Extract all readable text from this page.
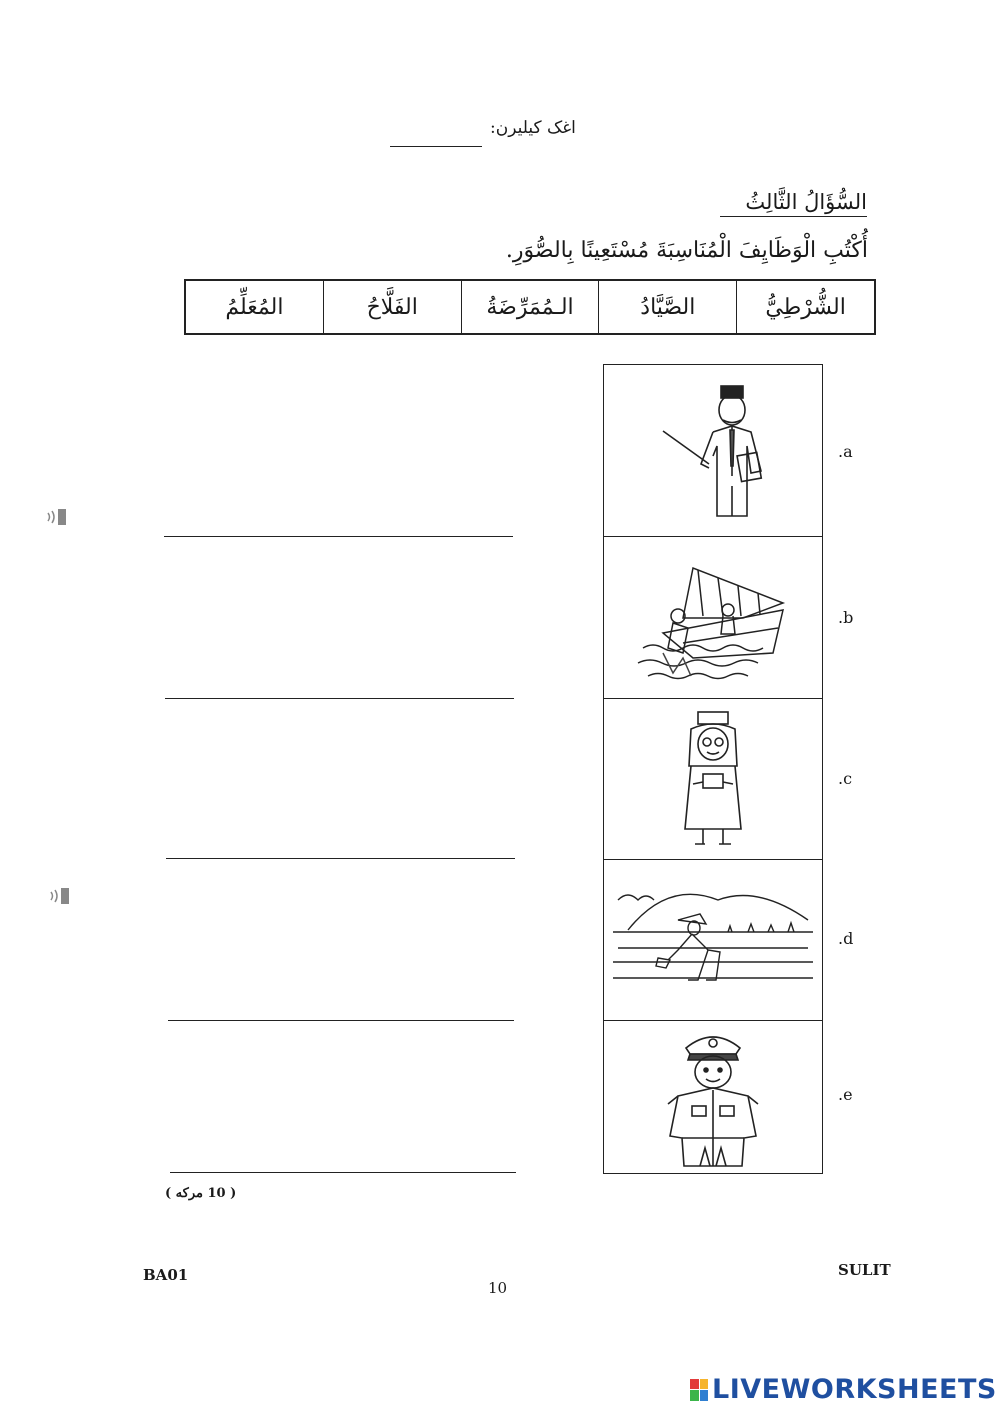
اغک کيليرن:
السُّؤَالُ الثَّالِثُ
أُكْتُبِ الْوَظَايِفَ الْمُنَاسِبَةَ مُسْتَعِينًا بِالصُّوَرِ.
الشُّرْطِيُّ
الصَّيَّادُ
الـمُمَرِّضَةُ
الفَلَّاحُ
المُعَلِّمُ
.a
.b
.c
.d
.e
( 10 مركه )
BA01
10
SULIT
LIVEWORKSHEETS
